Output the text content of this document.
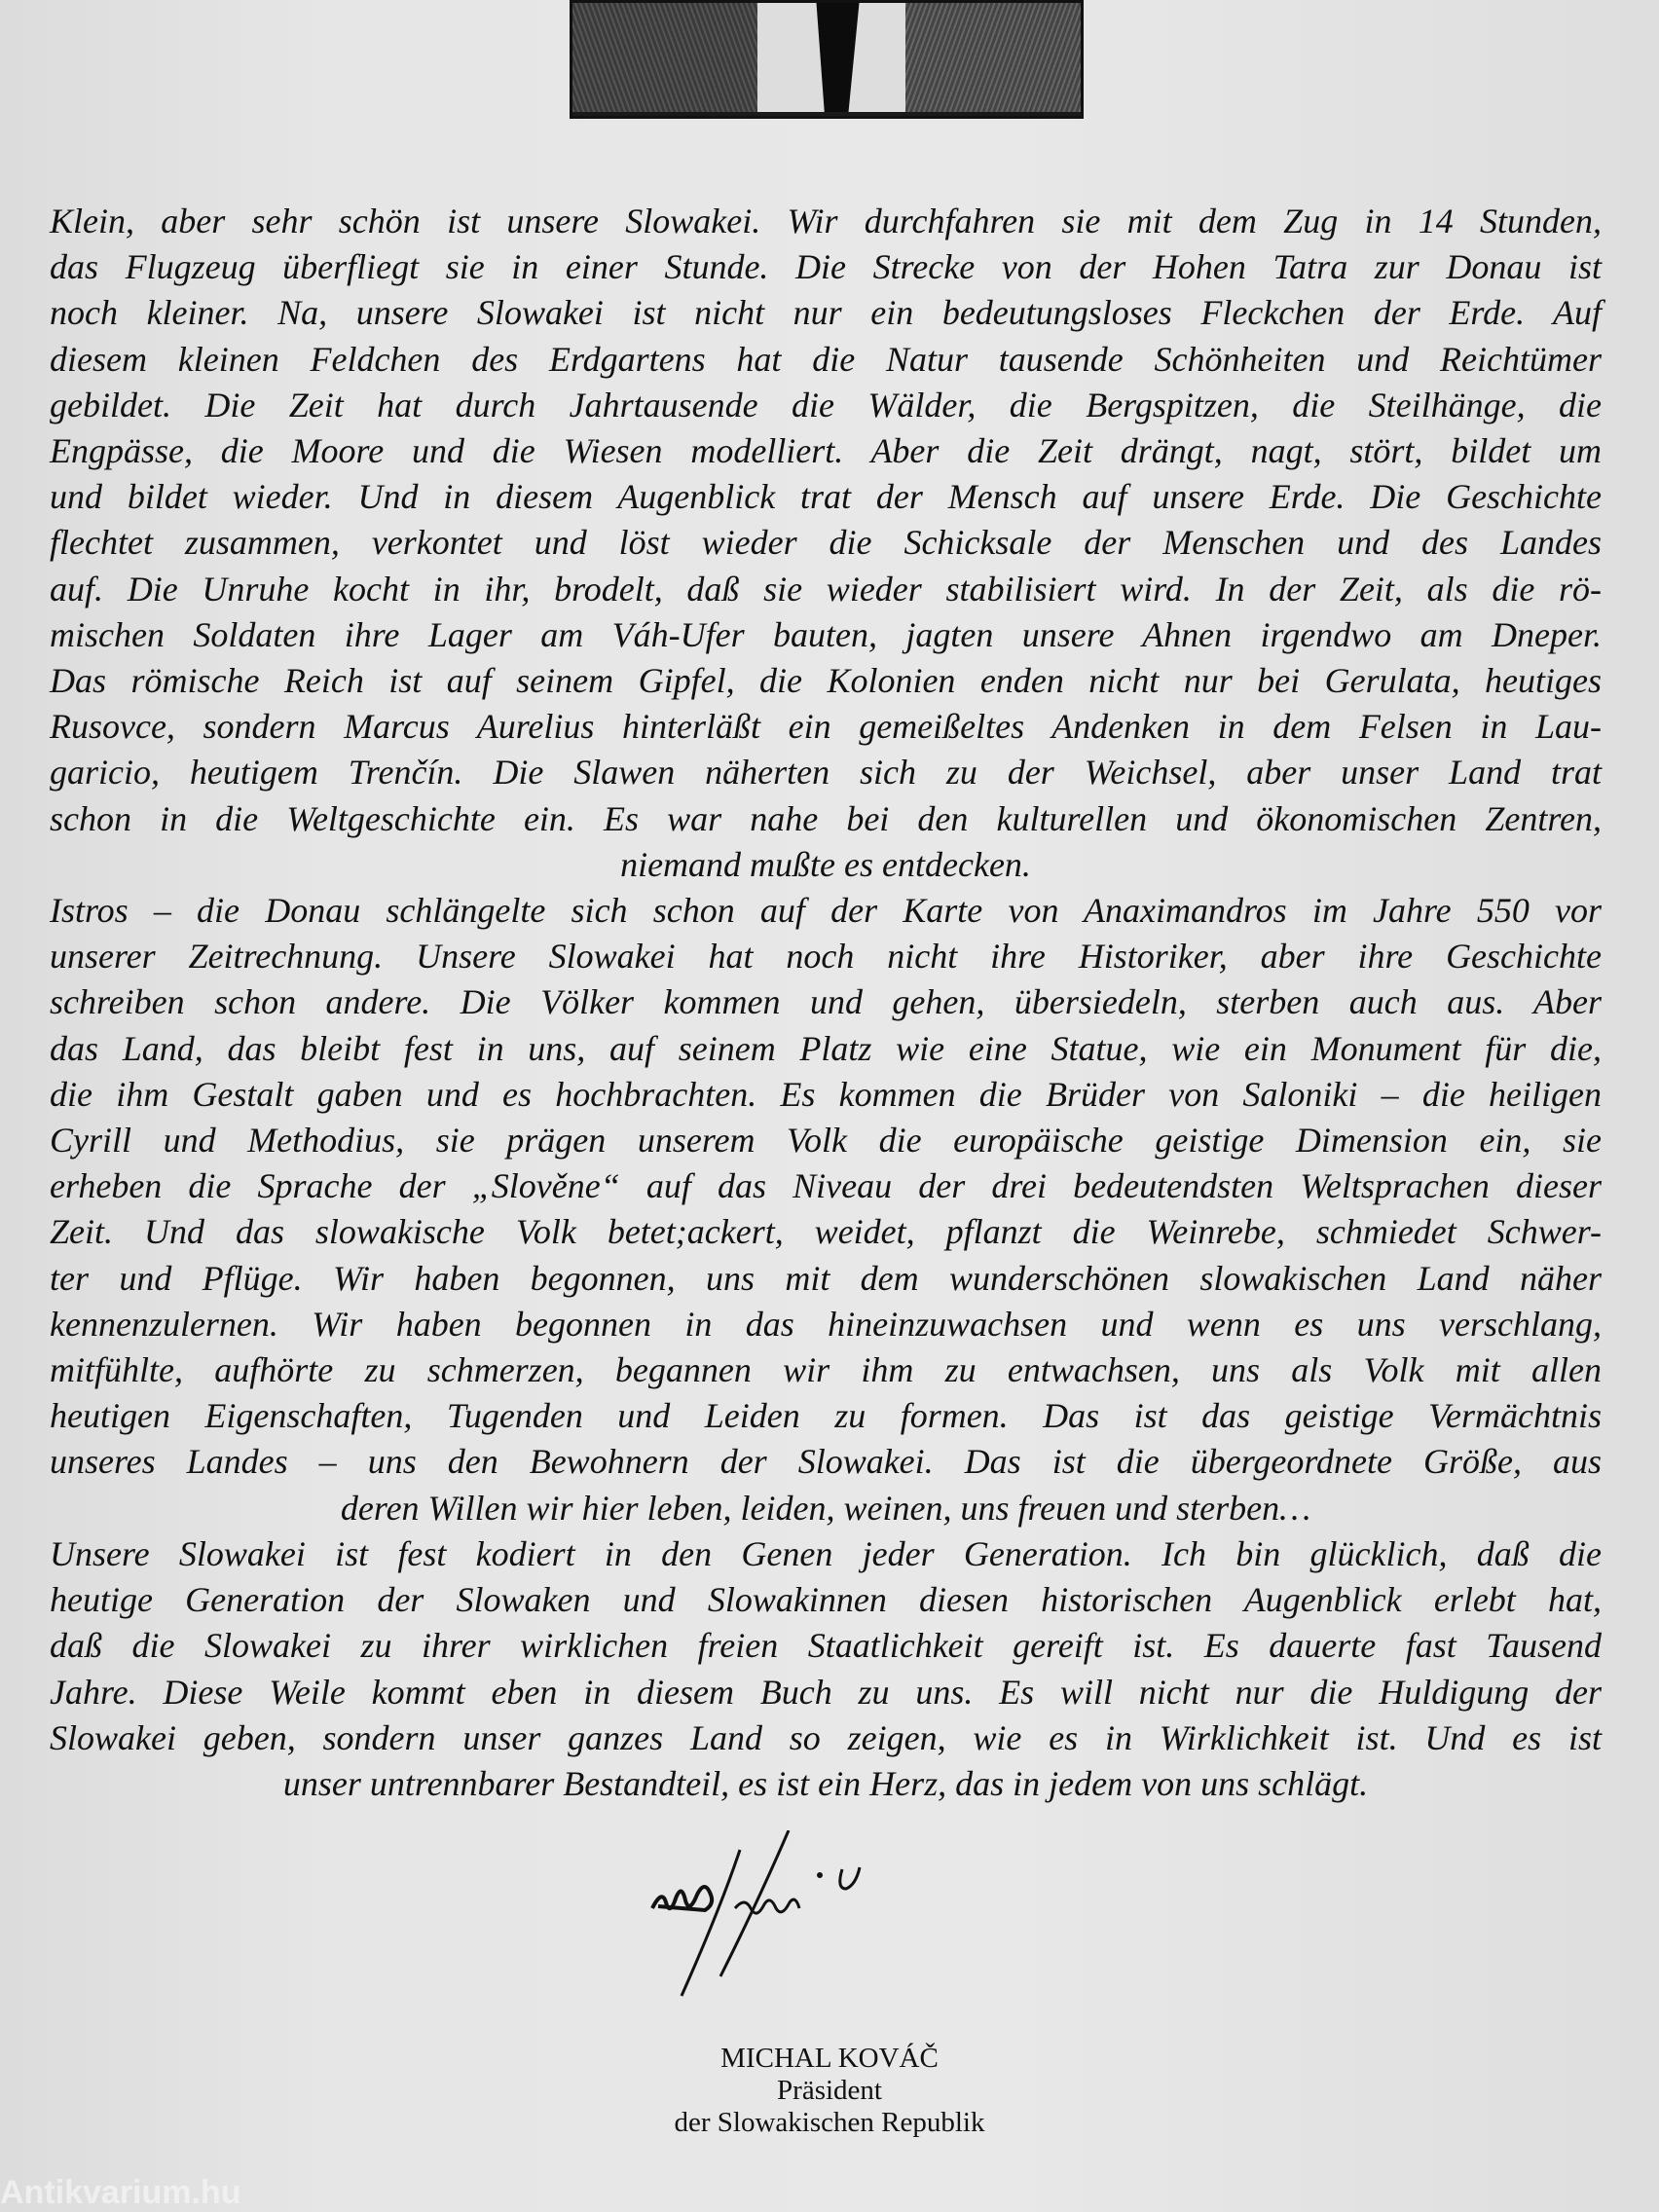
Klein, aber sehr schön ist unsere Slowakei. Wir durchfahren sie mit dem Zug in 14 Stunden,
das Flugzeug überfliegt sie in einer Stunde. Die Strecke von der Hohen Tatra zur Donau ist
noch kleiner. Na, unsere Slowakei ist nicht nur ein bedeutungsloses Fleckchen der Erde. Auf
diesem kleinen Feldchen des Erdgartens hat die Natur tausende Schönheiten und Reichtümer
gebildet. Die Zeit hat durch Jahrtausende die Wälder, die Bergspitzen, die Steilhänge, die
Engpässe, die Moore und die Wiesen modelliert. Aber die Zeit drängt, nagt, stört, bildet um
und bildet wieder. Und in diesem Augenblick trat der Mensch auf unsere Erde. Die Geschichte
flechtet zusammen, verkontet und löst wieder die Schicksale der Menschen und des Landes
auf. Die Unruhe kocht in ihr, brodelt, daß sie wieder stabilisiert wird. In der Zeit, als die rö-
mischen Soldaten ihre Lager am Váh-Ufer bauten, jagten unsere Ahnen irgendwo am Dneper.
Das römische Reich ist auf seinem Gipfel, die Kolonien enden nicht nur bei Gerulata, heutiges
Rusovce, sondern Marcus Aurelius hinterläßt ein gemeißeltes Andenken in dem Felsen in Lau-
garicio, heutigem Trenčín. Die Slawen näherten sich zu der Weichsel, aber unser Land trat
schon in die Weltgeschichte ein. Es war nahe bei den kulturellen und ökonomischen Zentren,
niemand mußte es entdecken.
Istros – die Donau schlängelte sich schon auf der Karte von Anaximandros im Jahre 550 vor
unserer Zeitrechnung. Unsere Slowakei hat noch nicht ihre Historiker, aber ihre Geschichte
schreiben schon andere. Die Völker kommen und gehen, übersiedeln, sterben auch aus. Aber
das Land, das bleibt fest in uns, auf seinem Platz wie eine Statue, wie ein Monument für die,
die ihm Gestalt gaben und es hochbrachten. Es kommen die Brüder von Saloniki – die heiligen
Cyrill und Methodius, sie prägen unserem Volk die europäische geistige Dimension ein, sie
erheben die Sprache der „Slověne“ auf das Niveau der drei bedeutendsten Weltsprachen dieser
Zeit. Und das slowakische Volk betet;ackert, weidet, pflanzt die Weinrebe, schmiedet Schwer-
ter und Pflüge. Wir haben begonnen, uns mit dem wunderschönen slowakischen Land näher
kennenzulernen. Wir haben begonnen in das hineinzuwachsen und wenn es uns verschlang,
mitfühlte, aufhörte zu schmerzen, begannen wir ihm zu entwachsen, uns als Volk mit allen
heutigen Eigenschaften, Tugenden und Leiden zu formen. Das ist das geistige Vermächtnis
unseres Landes – uns den Bewohnern der Slowakei. Das ist die übergeordnete Größe, aus
deren Willen wir hier leben, leiden, weinen, uns freuen und sterben…
Unsere Slowakei ist fest kodiert in den Genen jeder Generation. Ich bin glücklich, daß die
heutige Generation der Slowaken und Slowakinnen diesen historischen Augenblick erlebt hat,
daß die Slowakei zu ihrer wirklichen freien Staatlichkeit gereift ist. Es dauerte fast Tausend
Jahre. Diese Weile kommt eben in diesem Buch zu uns. Es will nicht nur die Huldigung der
Slowakei geben, sondern unser ganzes Land so zeigen, wie es in Wirklichkeit ist. Und es ist
unser untrennbarer Bestandteil, es ist ein Herz, das in jedem von uns schlägt.
MICHAL KOVÁČ
Präsident
der Slowakischen Republik
Antikvarium.hu
